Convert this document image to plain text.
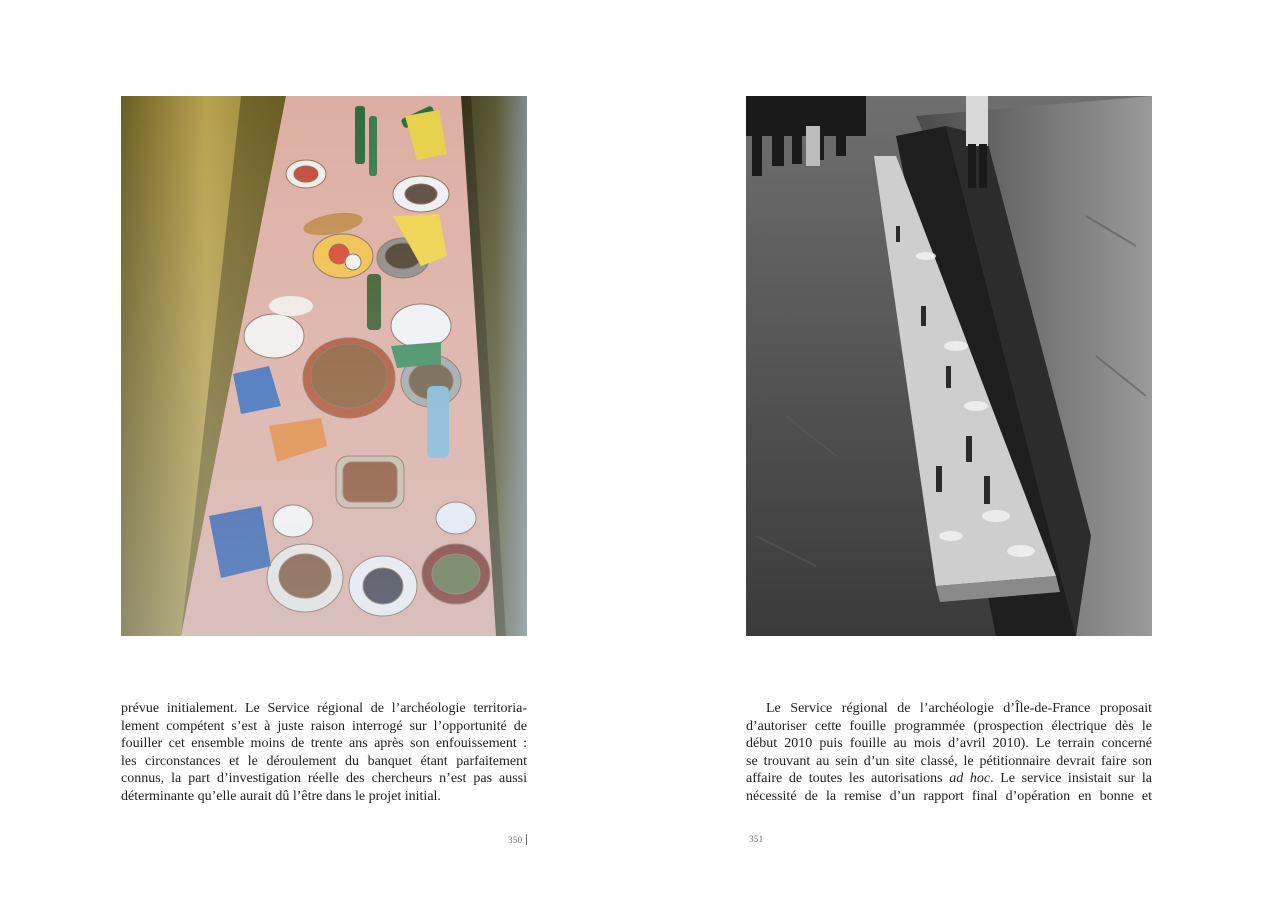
prévue initialement. Le Service régional de l’archéologie territoria-
lement compétent s’est à juste raison interrogé sur l’opportunité de
fouiller cet ensemble moins de trente ans après son enfouissement :
les circonstances et le déroulement du banquet étant parfaitement
connus, la part d’investigation réelle des chercheurs n’est pas aussi
déterminante qu’elle aurait dû l’être dans le projet initial.
Le Service régional de l’archéologie d’Île-de-France proposait
d’autoriser cette fouille programmée (prospection électrique dès le
début 2010 puis fouille au mois d’avril 2010). Le terrain concerné
se trouvant au sein d’un site classé, le pétitionnaire devrait faire son
affaire de toutes les autorisations ad hoc. Le service insistait sur la
nécessité de la remise d’un rapport final d’opération en bonne et
350	351
